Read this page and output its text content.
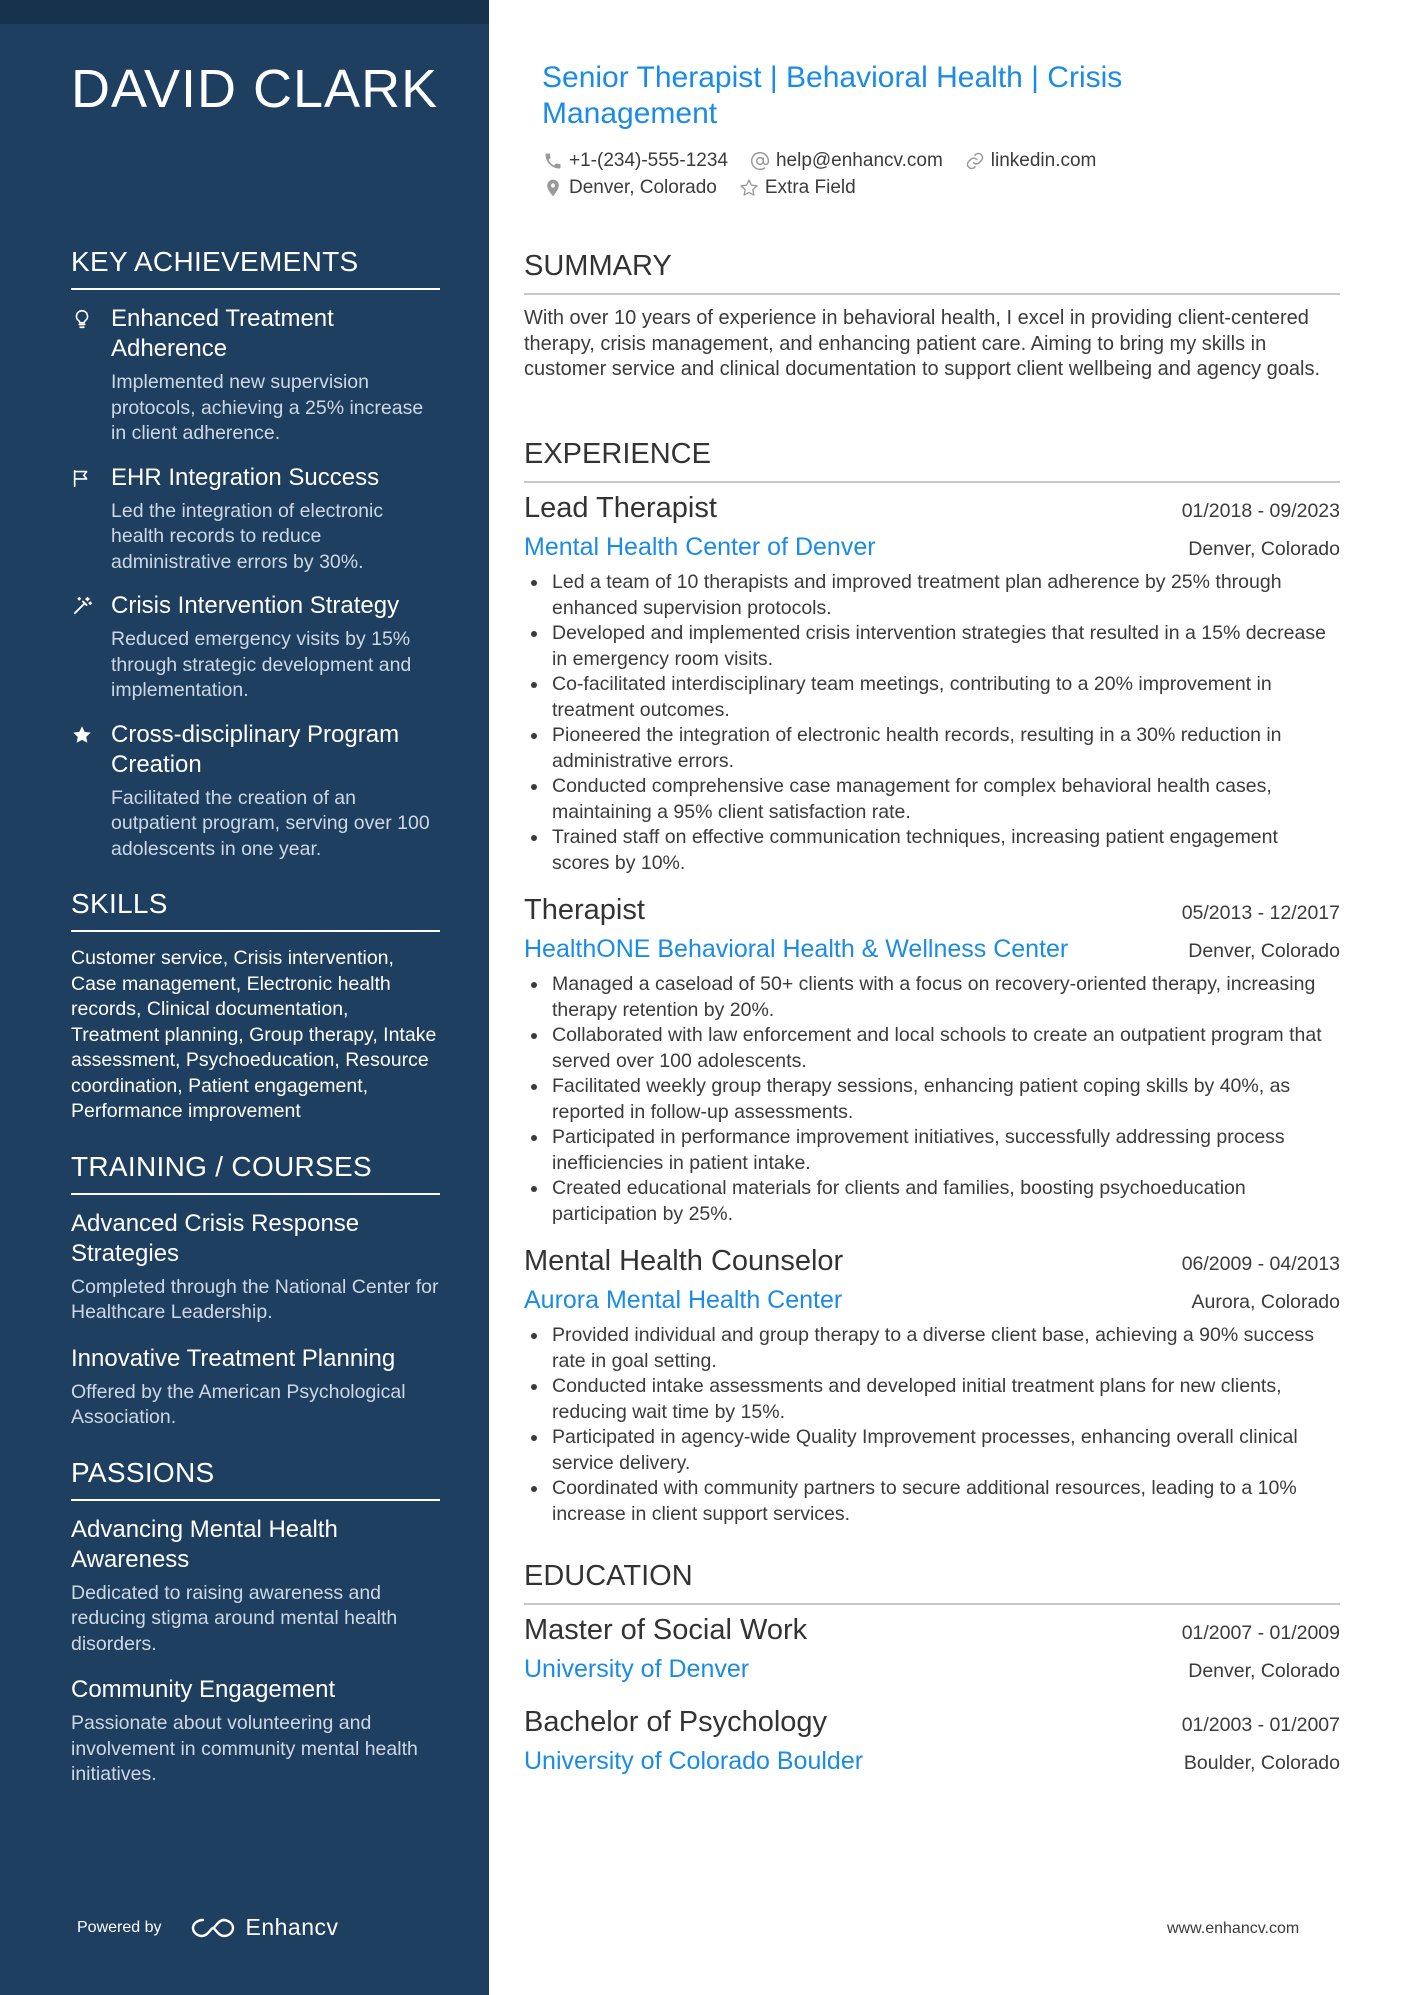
DAVID CLARK
KEY ACHIEVEMENTS
Enhanced Treatment Adherence
Implemented new supervision protocols, achieving a 25% increase in client adherence.
EHR Integration Success
Led the integration of electronic health records to reduce administrative errors by 30%.
Crisis Intervention Strategy
Reduced emergency visits by 15% through strategic development and implementation.
Cross-disciplinary Program Creation
Facilitated the creation of an outpatient program, serving over 100 adolescents in one year.
SKILLS
Customer service, Crisis intervention, Case management, Electronic health records, Clinical documentation, Treatment planning, Group therapy, Intake assessment, Psychoeducation, Resource coordination, Patient engagement, Performance improvement
TRAINING / COURSES
Advanced Crisis Response Strategies
Completed through the National Center for Healthcare Leadership.
Innovative Treatment Planning
Offered by the American Psychological Association.
PASSIONS
Advancing Mental Health Awareness
Dedicated to raising awareness and reducing stigma around mental health disorders.
Community Engagement
Passionate about volunteering and involvement in community mental health initiatives.
Powered by	Enhancv
Senior Therapist | Behavioral Health | Crisis Management
+1-(234)-555-1234	help@enhancv.com	linkedin.com
Denver, Colorado	Extra Field
SUMMARY
With over 10 years of experience in behavioral health, I excel in providing client-centered therapy, crisis management, and enhancing patient care. Aiming to bring my skills in customer service and clinical documentation to support client wellbeing and agency goals.
EXPERIENCE
Lead Therapist	01/2018 - 09/2023
Mental Health Center of Denver	Denver, Colorado
Led a team of 10 therapists and improved treatment plan adherence by 25% through enhanced supervision protocols.
Developed and implemented crisis intervention strategies that resulted in a 15% decrease in emergency room visits.
Co-facilitated interdisciplinary team meetings, contributing to a 20% improvement in treatment outcomes.
Pioneered the integration of electronic health records, resulting in a 30% reduction in administrative errors.
Conducted comprehensive case management for complex behavioral health cases, maintaining a 95% client satisfaction rate.
Trained staff on effective communication techniques, increasing patient engagement scores by 10%.
Therapist	05/2013 - 12/2017
HealthONE Behavioral Health & Wellness Center	Denver, Colorado
Managed a caseload of 50+ clients with a focus on recovery-oriented therapy, increasing therapy retention by 20%.
Collaborated with law enforcement and local schools to create an outpatient program that served over 100 adolescents.
Facilitated weekly group therapy sessions, enhancing patient coping skills by 40%, as reported in follow-up assessments.
Participated in performance improvement initiatives, successfully addressing process inefficiencies in patient intake.
Created educational materials for clients and families, boosting psychoeducation participation by 25%.
Mental Health Counselor	06/2009 - 04/2013
Aurora Mental Health Center	Aurora, Colorado
Provided individual and group therapy to a diverse client base, achieving a 90% success rate in goal setting.
Conducted intake assessments and developed initial treatment plans for new clients, reducing wait time by 15%.
Participated in agency-wide Quality Improvement processes, enhancing overall clinical service delivery.
Coordinated with community partners to secure additional resources, leading to a 10% increase in client support services.
EDUCATION
Master of Social Work	01/2007 - 01/2009
University of Denver	Denver, Colorado
Bachelor of Psychology	01/2003 - 01/2007
University of Colorado Boulder	Boulder, Colorado
www.enhancv.com
